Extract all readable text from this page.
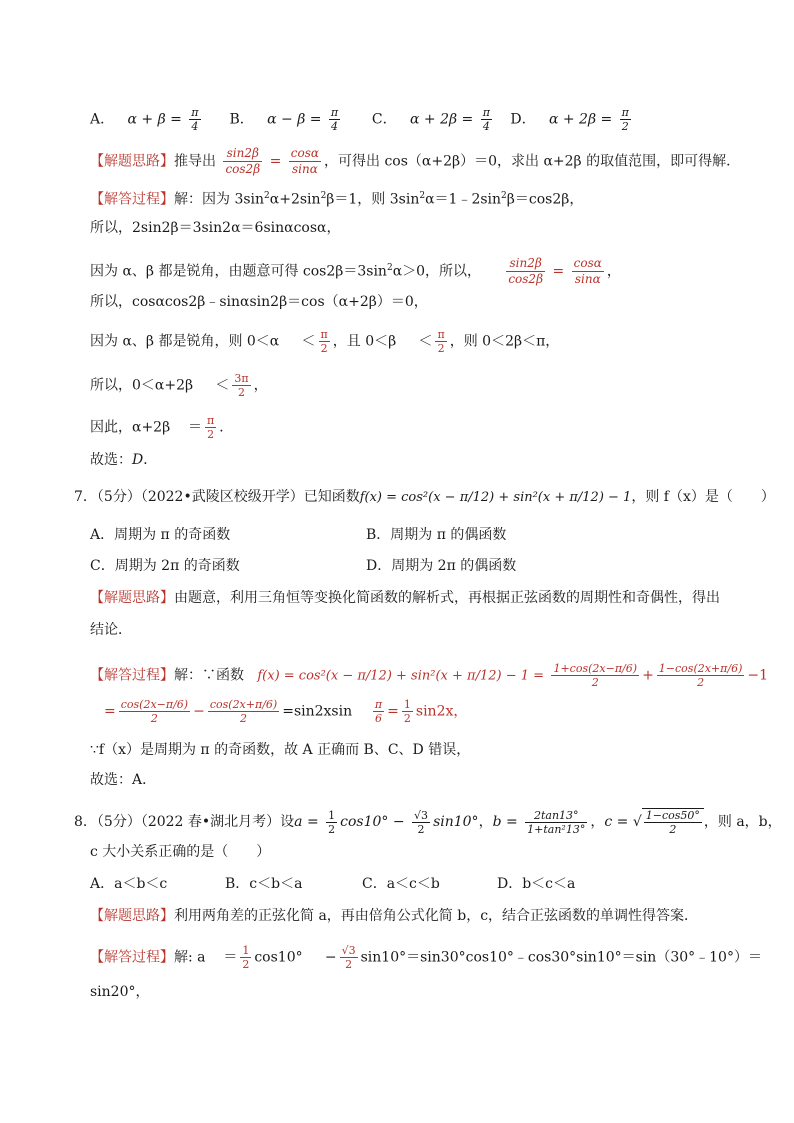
A． $\alpha + \beta = \frac{\pi}{4}$ B． $\alpha - \beta = \frac{\pi}{4}$ C． $\alpha + 2\beta = \frac{\pi}{4}$ D． $\alpha + 2\beta = \frac{\pi}{2}$
【解题思路】推导出 $\frac{\sin 2\beta}{\cos 2\beta} = \frac{\cos\alpha}{\sin\alpha}$ ，可得出 cos（α+2β）＝0，求出 α+2β 的取值范围，即可得解．
【解答过程】解：因为 $3\sin^2\alpha+2\sin^2\beta=1$，则 $3\sin^2\alpha=1﹣2\sin^2\beta=\cos 2\beta$，
所以，2sin2β＝3sin2α＝6sinαcosα，
因为 α、β 都是锐角，由题意可得 $\cos 2\beta=3\sin^2\alpha>0$，所以， $\frac{\sin 2\beta}{\cos 2\beta} = \frac{\cos\alpha}{\sin\alpha}$ ，
所以，cosαcos2β﹣sinαsin2β＝cos（α+2β）＝0，
因为 α、β 都是锐角，则 $0<\alpha < \frac{\pi}{2}$ ，且 $0<\beta < \frac{\pi}{2}$ ，则 0＜2β＜π，
所以，$0<\alpha+2\beta < \frac{3\pi}{2}$ ，
因此，$\alpha+2\beta = \frac{\pi}{2}$ ．
故选：D．
7．（5分）（2022•武陵区校级开学）已知函数f(x) = cos²(x − π/12) + sin²(x + π/12) − 1，则 f（x）是（　　）
A．周期为 π 的奇函数	B．周期为 π 的偶函数
C．周期为 2π 的奇函数	D．周期为 2π 的偶函数
【解题思路】由题意，利用三角恒等变换化简函数的解析式，再根据正弦函数的周期性和奇偶性，得出
结论．
【解答过程】解：∵函数 $f(x) = \cos^2(x - \pi/12) + \sin^2(x + \pi/12) - 1 = \frac{1+\cos(2x-\pi/6)}{2} + \frac{1-\cos(2x+\pi/6)}{2} -1$
= $\frac{\cos(2x-\pi/6)}{2} - \frac{\cos(2x+\pi/6)}{2} =\sin 2xsin \frac{\pi}{6} = \frac{1}{2} \sin 2x$，
∵f（x）是周期为 π 的奇函数，故 A 正确而 B、C、D 错误，
故选：A．
8．（5分）（2022 春•湖北月考）设$a = \frac{1}{2} \cos 10^\circ - \frac{√3}{2} \sin 10^\circ$，$b = \frac{2\tan 13^\circ}{\text{1+tan²13°}}$ ，c = √ $\frac{1-\cos 50^\circ}{2}$ ，则 a，b，
c 大小关系正确的是（　　）
A．a＜b＜c	B．c＜b＜a	C．a＜c＜b	D．b＜c＜a
【解题思路】利用两角差的正弦化简 a，再由倍角公式化简 b，c，结合正弦函数的单调性得答案．
【解答过程】解: $a = \frac{1}{2} \cos 10^\circ - \frac{√3}{2}$ sin10°＝sin30°cos10°﹣cos30°sin10°＝sin（30°﹣10°）＝
sin20°，
